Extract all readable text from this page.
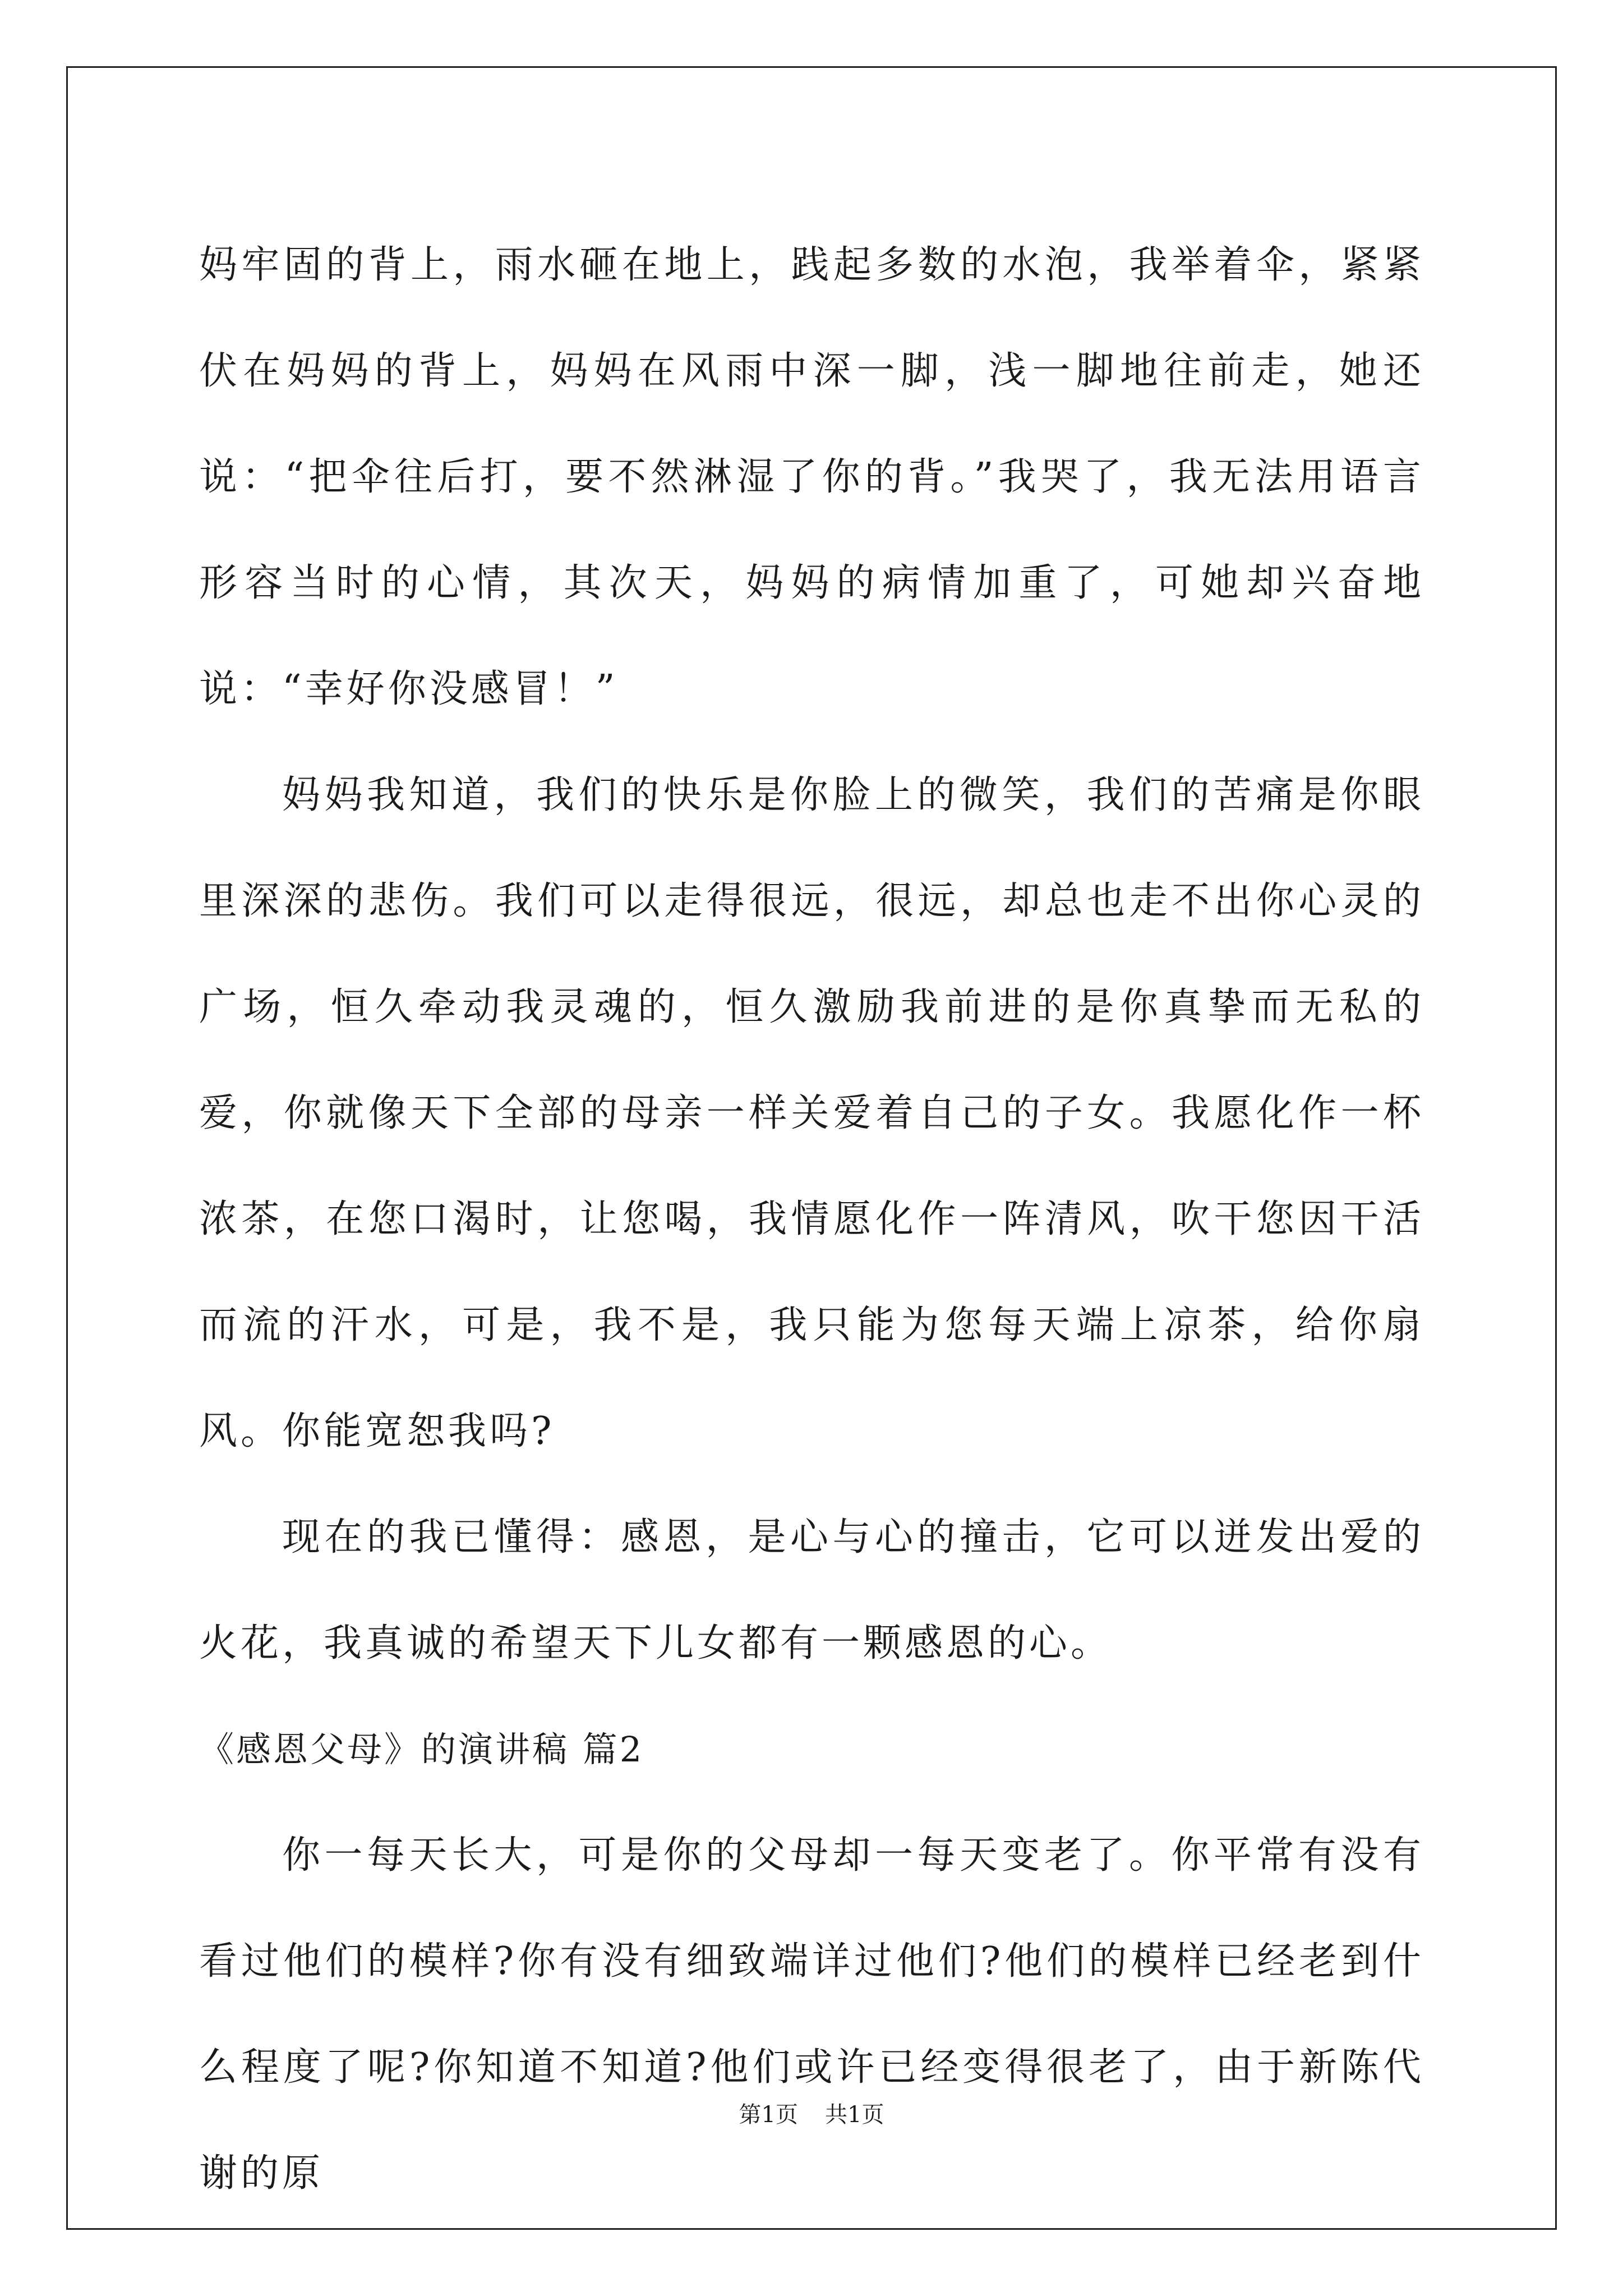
妈牢固的背上，雨水砸在地上，践起多数的水泡，我举着伞，紧紧伏在妈妈的背上，妈妈在风雨中深一脚，浅一脚地往前走，她还说：“把伞往后打，要不然淋湿了你的背。”我哭了，我无法用语言形容当时的心情，其次天，妈妈的病情加重了，可她却兴奋地说：“幸好你没感冒！”

妈妈我知道，我们的快乐是你脸上的微笑，我们的苦痛是你眼里深深的悲伤。我们可以走得很远，很远，却总也走不出你心灵的广场，恒久牵动我灵魂的，恒久激励我前进的是你真挚而无私的爱，你就像天下全部的母亲一样关爱着自己的子女。我愿化作一杯浓茶，在您口渴时，让您喝，我情愿化作一阵清风，吹干您因干活而流的汗水，可是，我不是，我只能为您每天端上凉茶，给你扇风。你能宽恕我吗?

现在的我已懂得：感恩，是心与心的撞击，它可以迸发出爱的火花，我真诚的希望天下儿女都有一颗感恩的心。

《感恩父母》的演讲稿 篇2

你一每天长大，可是你的父母却一每天变老了。你平常有没有看过他们的模样?你有没有细致端详过他们?他们的模样已经老到什么程度了呢?你知道不知道?他们或许已经变得很老了，由于新陈代谢的原

第1页 共1页
